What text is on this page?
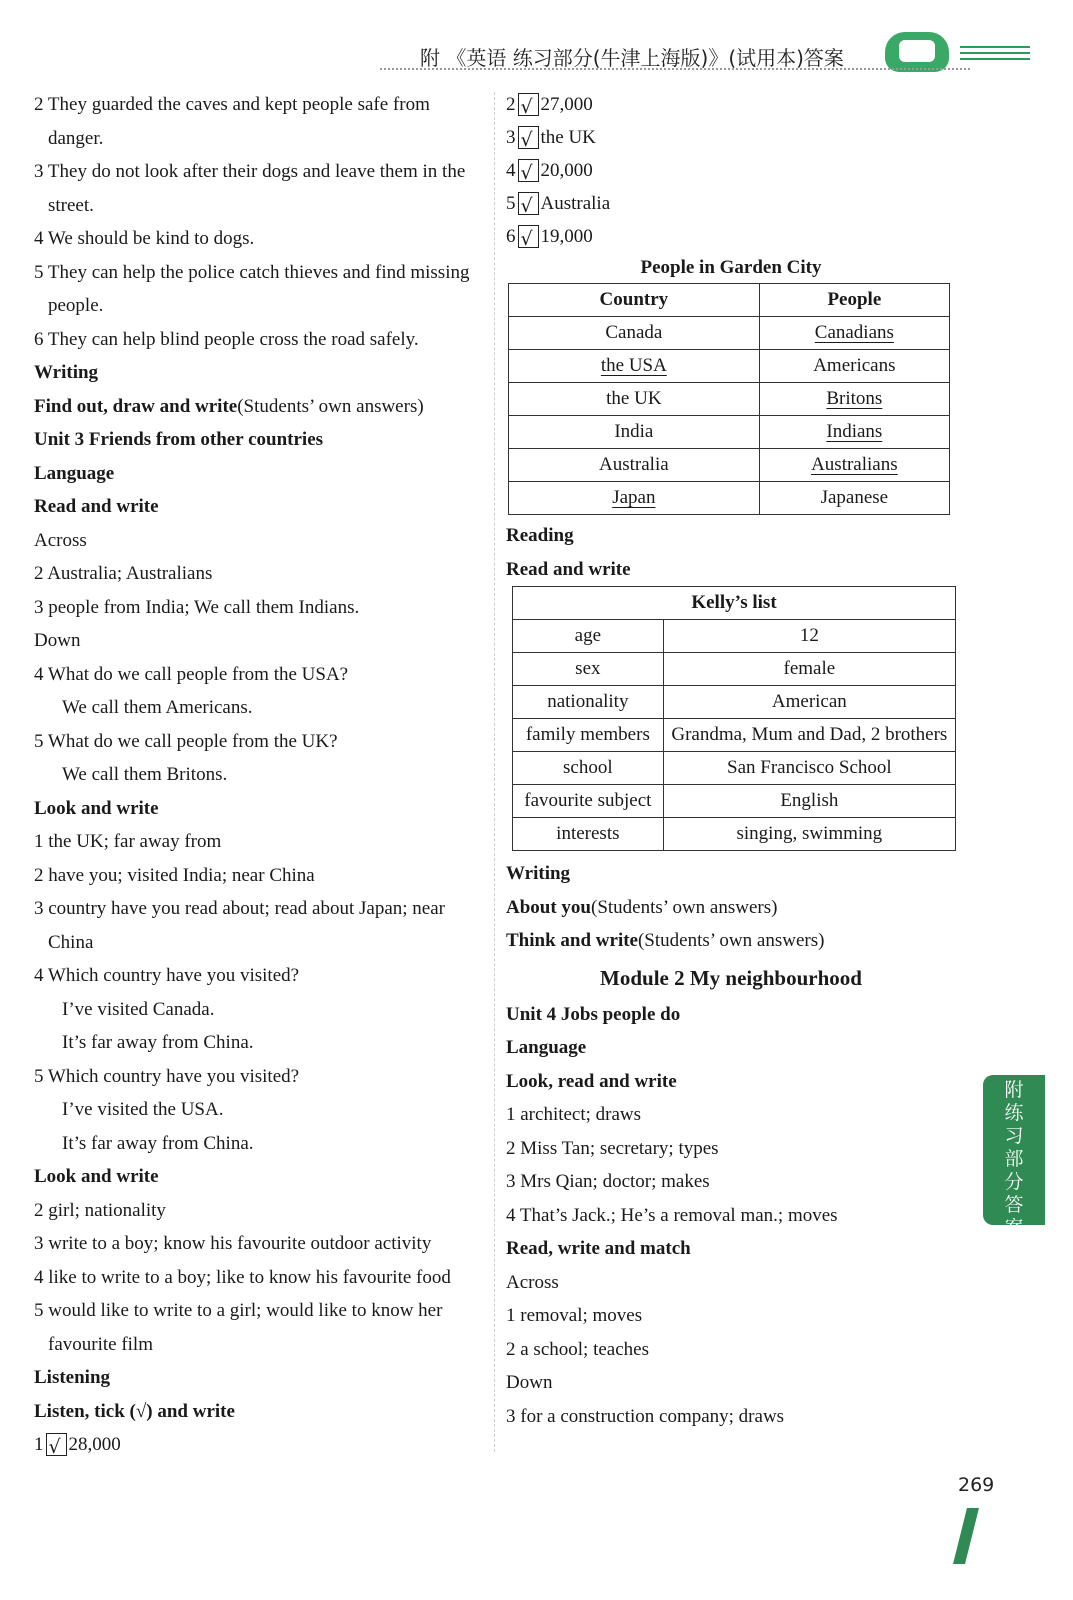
附 《英语 练习部分(牛津上海版)》(试用本)答案
2 They guarded the caves and kept people safe from
danger.
3 They do not look after their dogs and leave them in the
street.
4 We should be kind to dogs.
5 They can help the police catch thieves and find missing
people.
6 They can help blind people cross the road safely.
Writing
Find out, draw and write(Students’ own answers)
Unit 3 Friends from other countries
Language
Read and write
Across
2 Australia; Australians
3 people from India; We call them Indians.
Down
4 What do we call people from the USA?
We call them Americans.
5 What do we call people from the UK?
We call them Britons.
Look and write
1 the UK; far away from
2 have you; visited India; near China
3 country have you read about; read about Japan; near
China
4 Which country have you visited?
I’ve visited Canada.
It’s far away from China.
5 Which country have you visited?
I’ve visited the USA.
It’s far away from China.
Look and write
2 girl; nationality
3 write to a boy; know his favourite outdoor activity
4 like to write to a boy; like to know his favourite food
5 would like to write to a girl; would like to know her
favourite film
Listening
Listen, tick (√) and write
1 √ 28,000
2 √ 27,000
3 √ the UK
4 √ 20,000
5 √ Australia
6 √ 19,000
People in Garden City
Country	People
Canada	Canadians
the USA	Americans
the UK	Britons
India	Indians
Australia	Australians
Japan	Japanese
Reading
Read and write
Kelly’s list	
age	12
sex	female
nationality	American
family members	Grandma, Mum and Dad, 2 brothers
school	San Francisco School
favourite subject	English
interests	singing, swimming
Writing
About you(Students’ own answers)
Think and write(Students’ own answers)
Module 2 My neighbourhood
Unit 4 Jobs people do
Language
Look, read and write
1 architect; draws
2 Miss Tan; secretary; types
3 Mrs Qian; doctor; makes
4 That’s Jack.; He’s a removal man.; moves
Read, write and match
Across
1 removal; moves
2 a school; teaches
Down
3 for a construction company; draws
附
练
习
部
分
答
案
269
